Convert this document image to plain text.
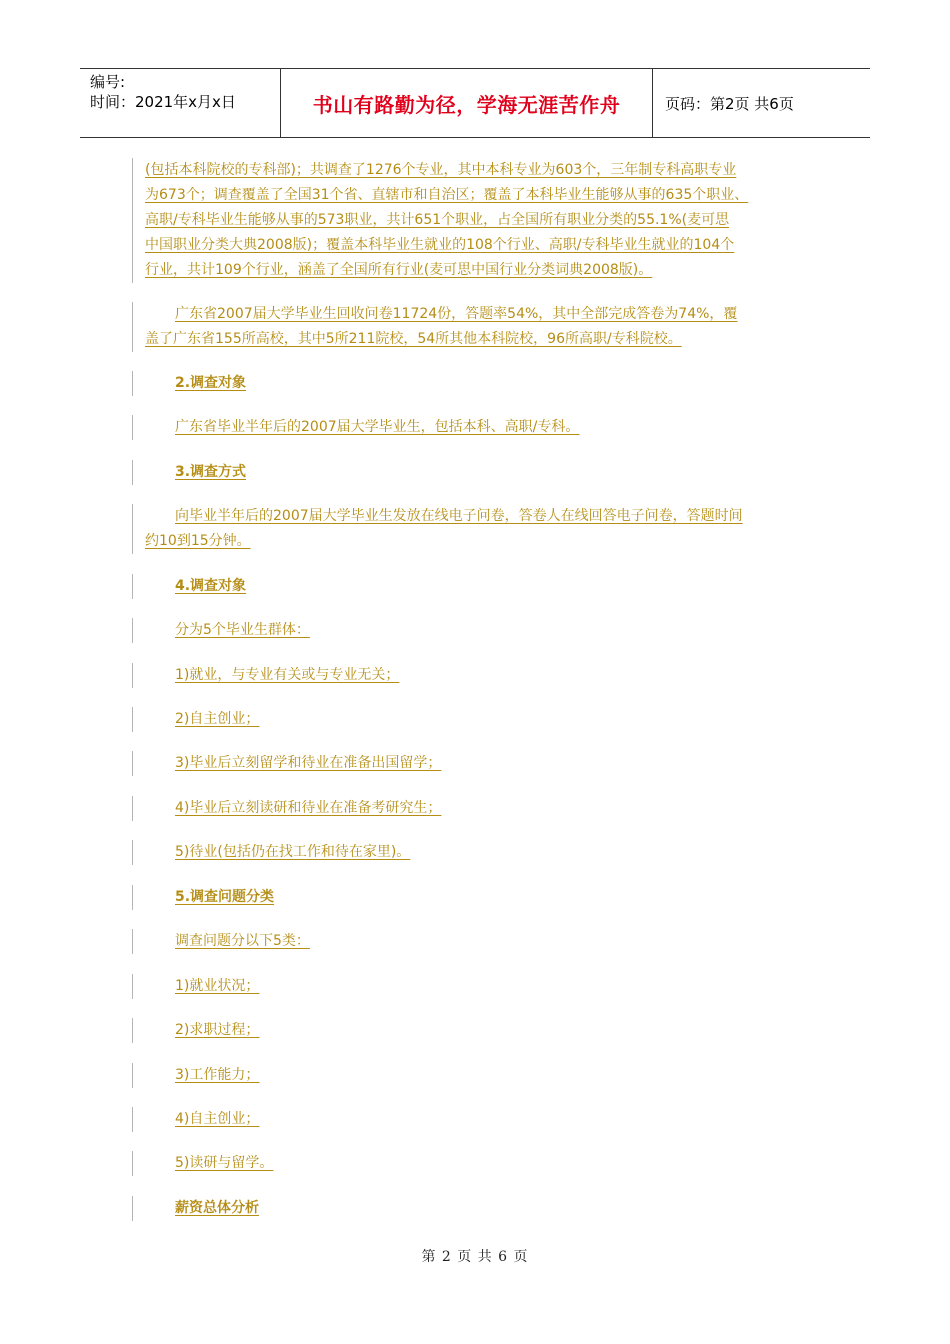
编号:
时间：2021年x月x日	书山有路勤为径，学海无涯苦作舟	页码：第2页 共6页
(包括本科院校的专科部)；共调查了1276个专业，其中本科专业为603个，三年制专科高职专业
为673个；调查覆盖了全国31个省、直辖市和自治区；覆盖了本科毕业生能够从事的635个职业、
高职/专科毕业生能够从事的573职业，共计651个职业，占全国所有职业分类的55.1%(麦可思
中国职业分类大典2008版)；覆盖本科毕业生就业的108个行业、高职/专科毕业生就业的104个
行业，共计109个行业，涵盖了全国所有行业(麦可思中国行业分类词典2008版)。
广东省2007届大学毕业生回收问卷11724份，答题率54%，其中全部完成答卷为74%，覆
盖了广东省155所高校，其中5所211院校，54所其他本科院校，96所高职/专科院校。
2.调查对象
广东省毕业半年后的2007届大学毕业生，包括本科、高职/专科。
3.调查方式
向毕业半年后的2007届大学毕业生发放在线电子问卷，答卷人在线回答电子问卷，答题时间
约10到15分钟。
4.调查对象
分为5个毕业生群体：
1)就业，与专业有关或与专业无关；
2)自主创业；
3)毕业后立刻留学和待业在准备出国留学；
4)毕业后立刻读研和待业在准备考研究生；
5)待业(包括仍在找工作和待在家里)。
5.调查问题分类
调查问题分以下5类：
1)就业状况；
2)求职过程；
3)工作能力；
4)自主创业；
5)读研与留学。
薪资总体分析
第 2 页 共 6 页
